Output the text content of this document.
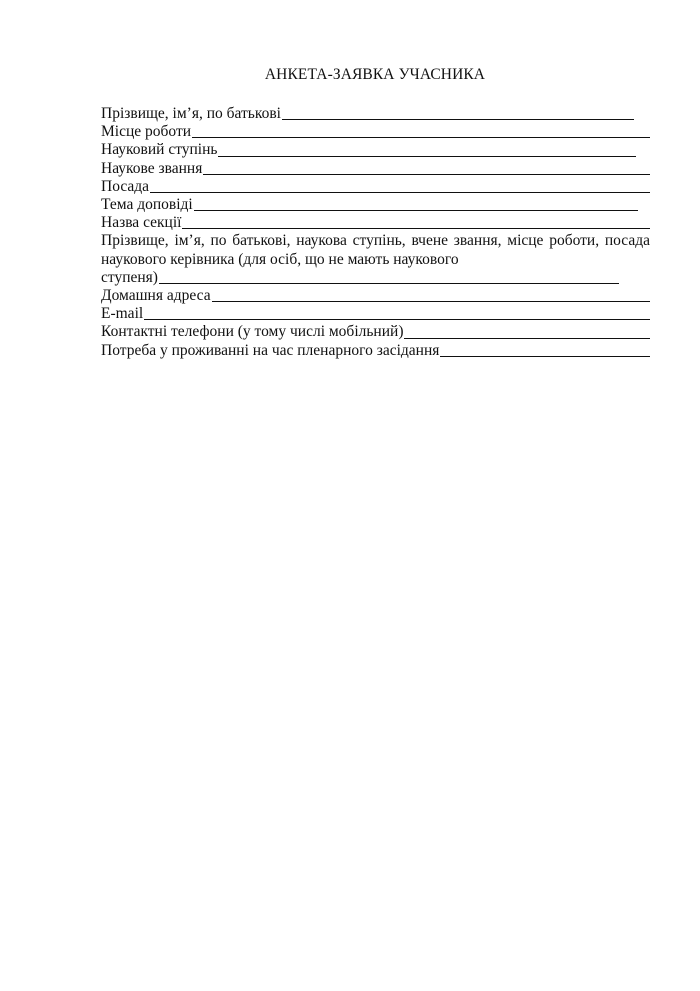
АНКЕТА-ЗАЯВКА УЧАСНИКА
Прізвище, ім’я, по батькові
Місце роботи
Науковий ступінь
Наукове звання
Посада
Тема доповіді
Назва секції
Прізвище, ім’я, по батькові, наукова ступінь, вчене звання, місце роботи, посада наукового керівника (для осіб, що не мають наукового
ступеня)
Домашня адреса
E-mail
Контактні телефони (у тому числі мобільний)
Потреба у проживанні на час пленарного засідання
